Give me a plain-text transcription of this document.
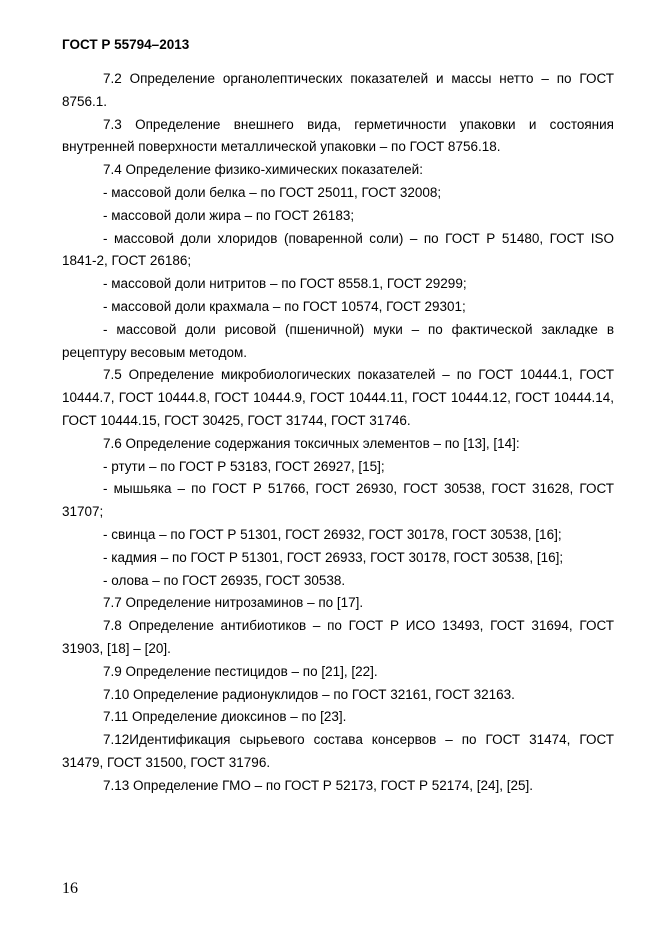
ГОСТ Р 55794–2013

7.2 Определение органолептических показателей и массы нетто – по ГОСТ 8756.1.

7.3 Определение внешнего вида, герметичности упаковки и состояния внутренней поверхности металлической упаковки – по ГОСТ 8756.18.

7.4 Определение физико-химических показателей:

- массовой доли белка – по ГОСТ 25011, ГОСТ 32008;

- массовой доли жира – по ГОСТ 26183;

- массовой доли хлоридов (поваренной соли) – по ГОСТ Р 51480, ГОСТ ISO 1841-2, ГОСТ 26186;

- массовой доли нитритов – по ГОСТ 8558.1, ГОСТ 29299;

- массовой доли крахмала – по ГОСТ 10574, ГОСТ 29301;

- массовой доли рисовой (пшеничной) муки – по фактической закладке в рецептуру весовым методом.

7.5 Определение микробиологических показателей – по ГОСТ 10444.1, ГОСТ 10444.7, ГОСТ 10444.8, ГОСТ 10444.9, ГОСТ 10444.11, ГОСТ 10444.12, ГОСТ 10444.14, ГОСТ 10444.15, ГОСТ 30425, ГОСТ 31744, ГОСТ 31746.

7.6 Определение содержания токсичных элементов – по [13], [14]:

- ртути – по ГОСТ Р 53183, ГОСТ 26927, [15];

- мышьяка – по ГОСТ Р 51766, ГОСТ 26930, ГОСТ 30538, ГОСТ 31628, ГОСТ 31707;

- свинца – по ГОСТ Р 51301, ГОСТ 26932, ГОСТ 30178, ГОСТ 30538, [16];

- кадмия – по ГОСТ Р 51301, ГОСТ 26933, ГОСТ 30178, ГОСТ 30538, [16];

- олова – по ГОСТ 26935, ГОСТ 30538.

7.7 Определение нитрозаминов – по [17].

7.8 Определение антибиотиков – по ГОСТ Р ИСО 13493, ГОСТ 31694, ГОСТ 31903, [18] – [20].

7.9 Определение пестицидов – по [21], [22].

7.10 Определение радионуклидов – по ГОСТ 32161, ГОСТ 32163.

7.11 Определение диоксинов – по [23].

7.12Идентификация сырьевого состава консервов – по ГОСТ 31474, ГОСТ 31479, ГОСТ 31500, ГОСТ 31796.

7.13 Определение ГМО – по ГОСТ Р 52173, ГОСТ Р 52174, [24], [25].

16
